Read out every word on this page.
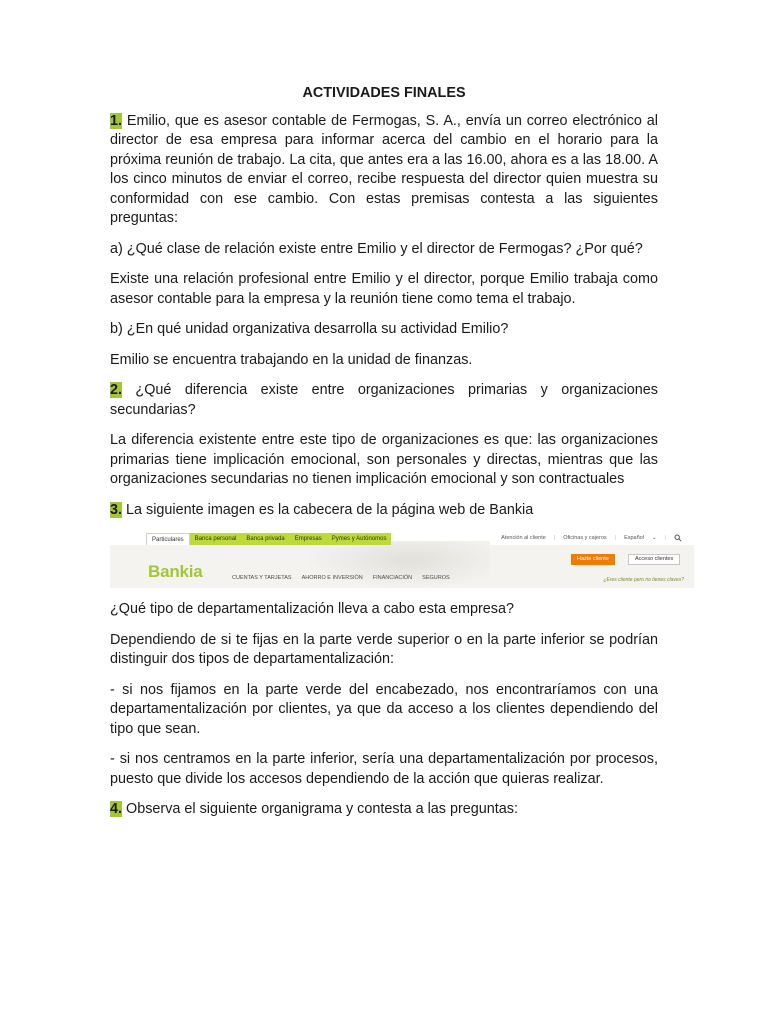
ACTIVIDADES FINALES

1. Emilio, que es asesor contable de Fermogas, S. A., envía un correo electrónico al director de esa empresa para informar acerca del cambio en el horario para la próxima reunión de trabajo. La cita, que antes era a las 16.00, ahora es a las 18.00. A los cinco minutos de enviar el correo, recibe respuesta del director quien muestra su conformidad con ese cambio. Con estas premisas contesta a las siguientes preguntas:

a) ¿Qué clase de relación existe entre Emilio y el director de Fermogas? ¿Por qué?

Existe una relación profesional entre Emilio y el director, porque Emilio trabaja como asesor contable para la empresa y la reunión tiene como tema el trabajo.

b) ¿En qué unidad organizativa desarrolla su actividad Emilio?

Emilio se encuentra trabajando en la unidad de finanzas.

2. ¿Qué diferencia existe entre organizaciones primarias y organizaciones secundarias?

La diferencia existente entre este tipo de organizaciones es que: las organizaciones primarias tiene implicación emocional, son personales y directas, mientras que las organizaciones secundarias no tienen implicación emocional y son contractuales

3. La siguiente imagen es la cabecera de la página web de Bankia

Particulares	Banca personal	Banca privada	Empresas	Pymes y Autónomos	Atención al cliente | Oficinas y cajeros | Español ⌄ |
Bankia	CUENTAS Y TARJETAS AHORRO E INVERSIÓN FINANCIACIÓN SEGUROS
Hazte cliente	Acceso clientes
¿Eres cliente pero no tienes claves?

¿Qué tipo de departamentalización lleva a cabo esta empresa?

Dependiendo de si te fijas en la parte verde superior o en la parte inferior se podrían distinguir dos tipos de departamentalización:

- si nos fijamos en la parte verde del encabezado, nos encontraríamos con una departamentalización por clientes, ya que da acceso a los clientes dependiendo del tipo que sean.

- si nos centramos en la parte inferior, sería una departamentalización por procesos, puesto que divide los accesos dependiendo de la acción que quieras realizar.

4. Observa el siguiente organigrama y contesta a las preguntas:
